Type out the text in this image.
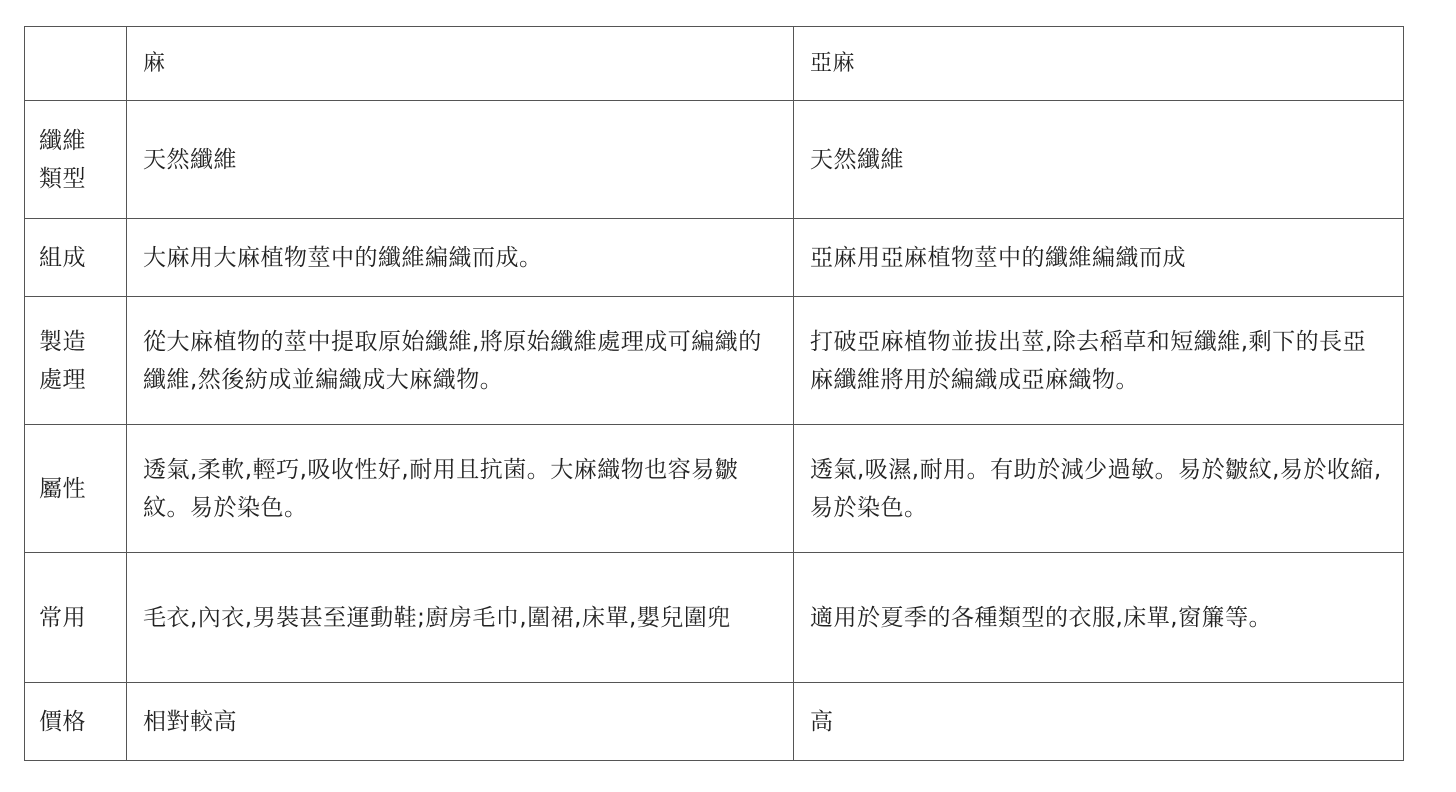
	麻	亞麻

纖維類型	天然纖維	天然纖維

組成	大麻用大麻植物莖中的纖維編織而成。	亞麻用亞麻植物莖中的纖維編織而成

製造處理	從大麻植物的莖中提取原始纖維,將原始纖維處理成可編織的纖維,然後紡成並編織成大麻織物。	打破亞麻植物並拔出莖,除去稻草和短纖維,剩下的長亞麻纖維將用於編織成亞麻織物。

屬性	透氣,柔軟,輕巧,吸收性好,耐用且抗菌。大麻織物也容易皺紋。易於染色。	透氣,吸濕,耐用。有助於減少過敏。易於皺紋,易於收縮,易於染色。

常用	毛衣,內衣,男裝甚至運動鞋;廚房毛巾,圍裙,床單,嬰兒圍兜	適用於夏季的各種類型的衣服,床單,窗簾等。

價格	相對較高	高
